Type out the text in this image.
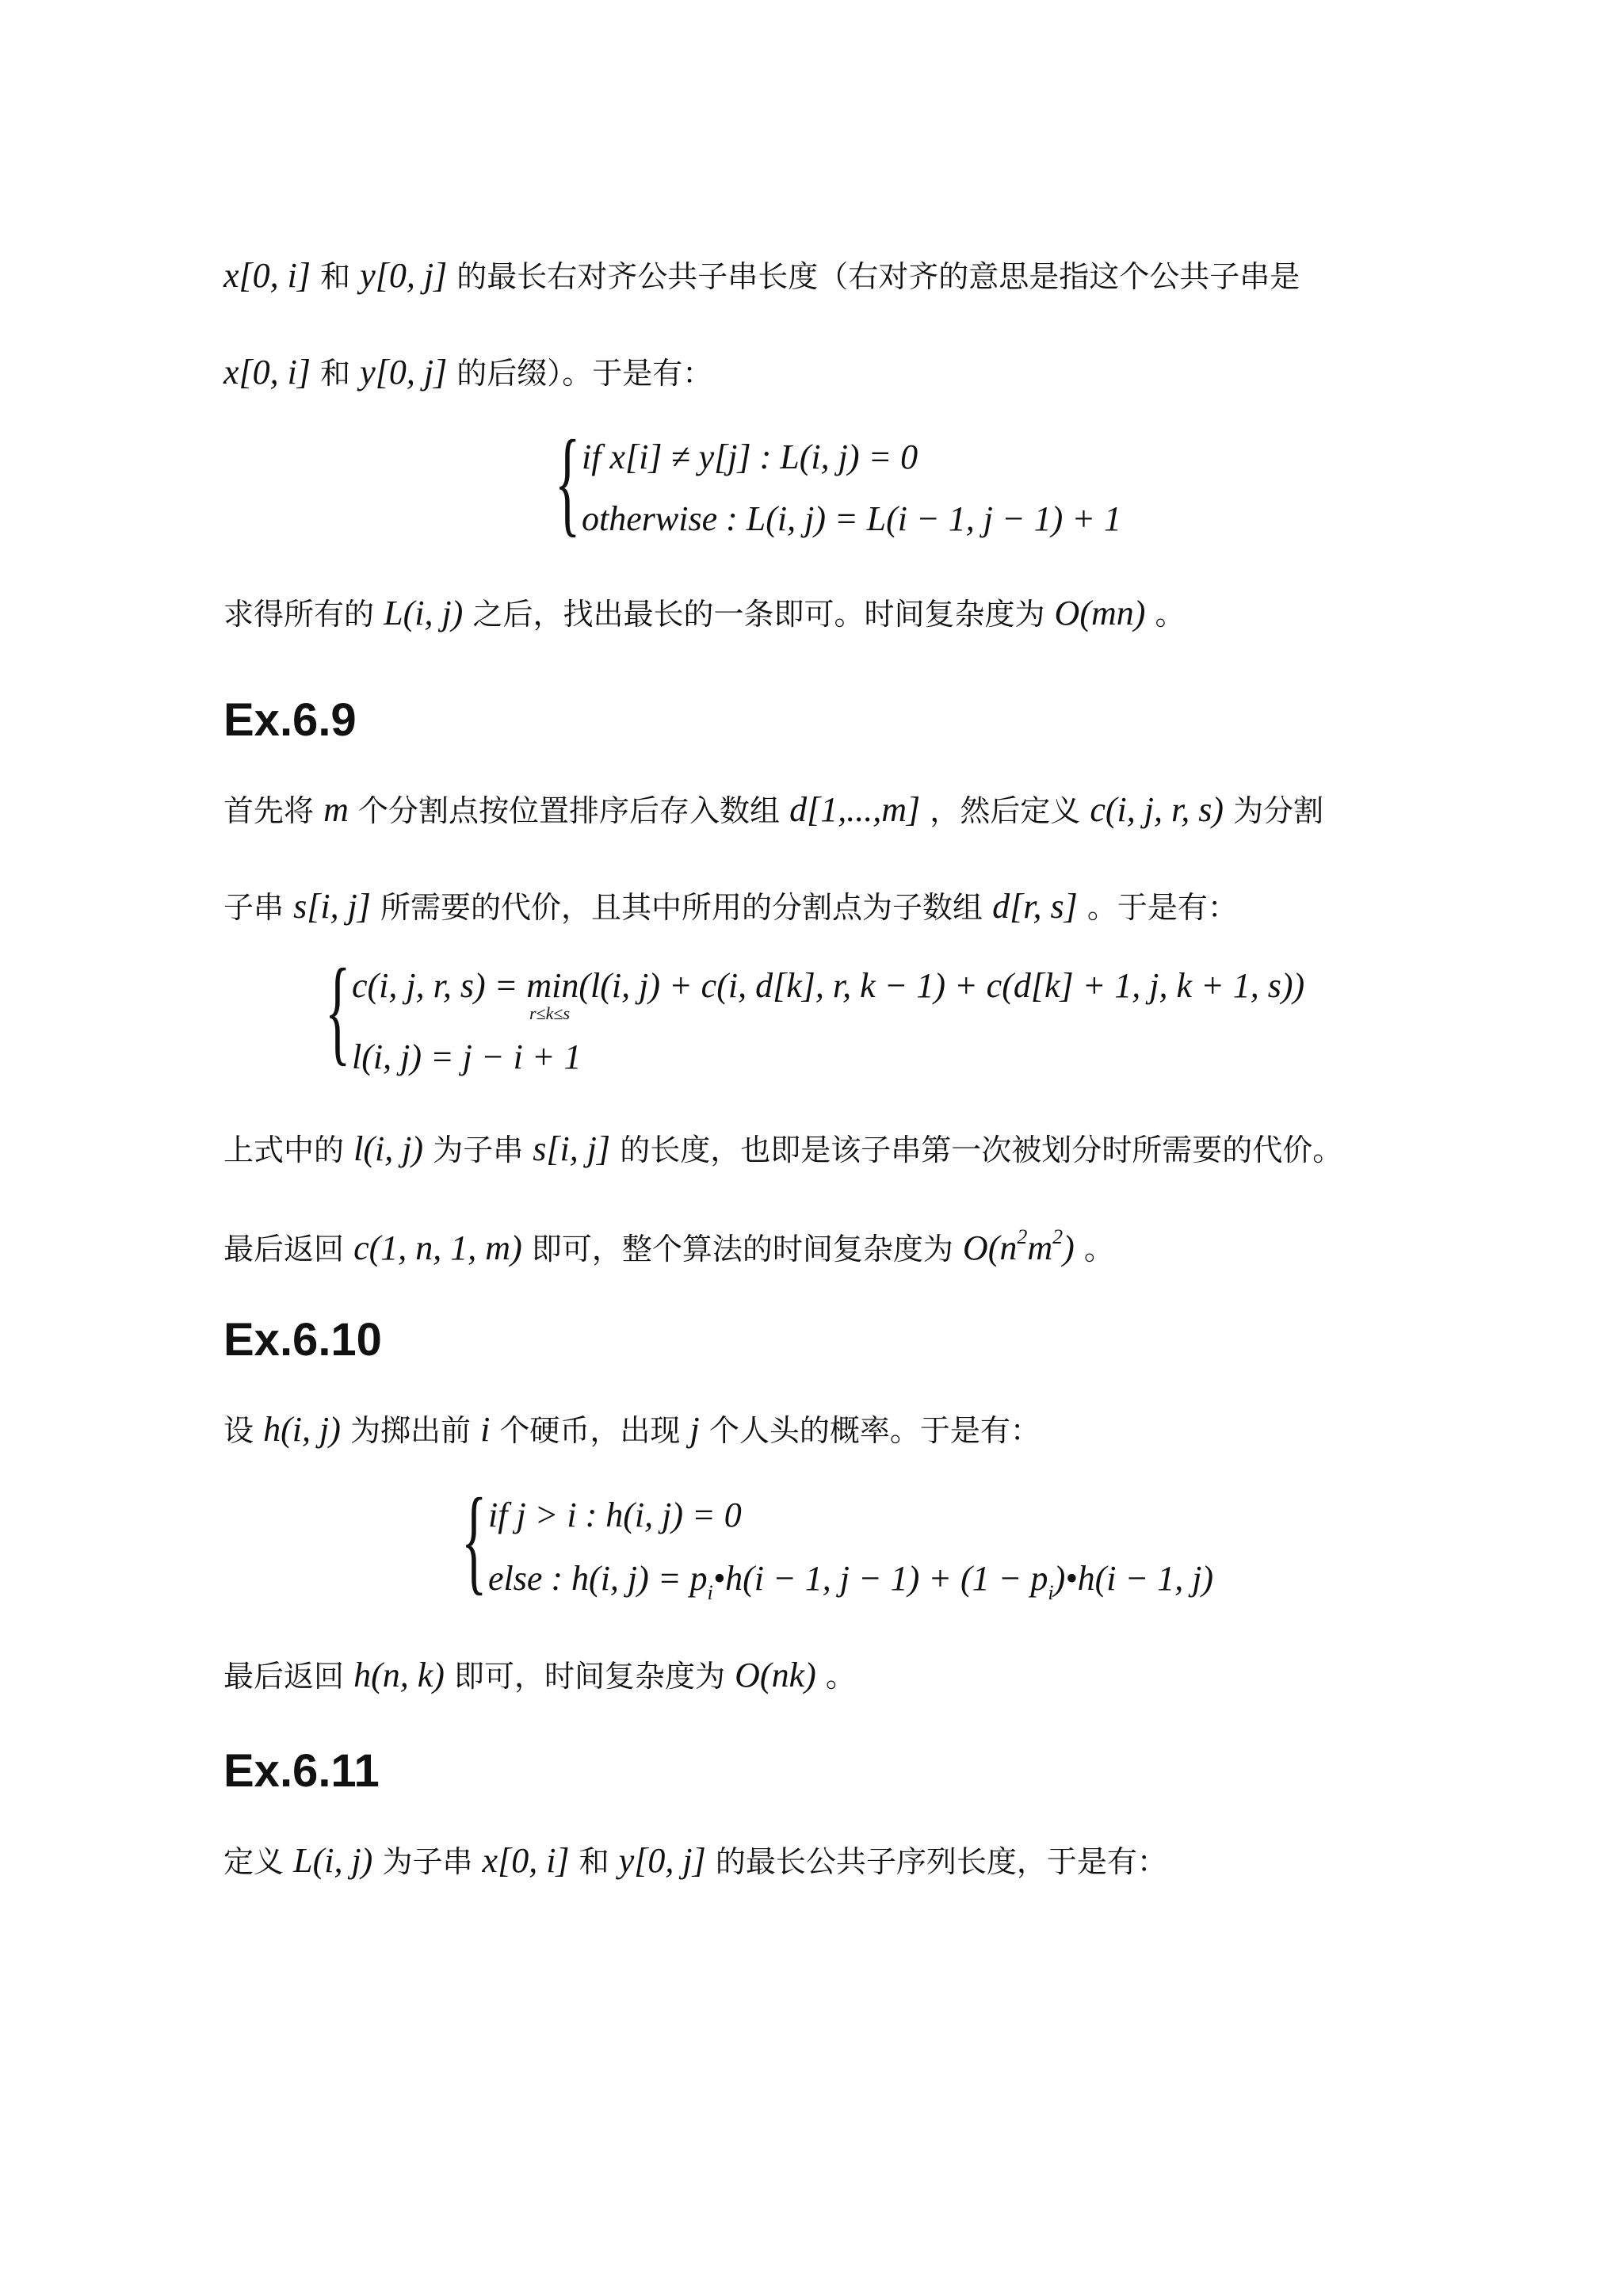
x[0, i] 和 y[0, j] 的最长右对齐公共子串长度（右对齐的意思是指这个公共子串是
x[0, i] 和 y[0, j] 的后缀）。于是有：
{ if x[i] ≠ y[j] : L(i, j) = 0
otherwise : L(i, j) = L(i − 1, j − 1) + 1
求得所有的 L(i, j) 之后，找出最长的一条即可。时间复杂度为 O(mn) 。
Ex.6.9
首先将 m 个分割点按位置排序后存入数组 d[1,...,m] ，然后定义 c(i, j, r, s) 为分割
子串 s[i, j] 所需要的代价，且其中所用的分割点为子数组 d[r, s] 。于是有：
{ c(i, j, r, s) = min(l(i, j) + c(i, d[k], r, k − 1) + c(d[k] + 1, j, k + 1, s))
r≤k≤s
l(i, j) = j − i + 1
上式中的 l(i, j) 为子串 s[i, j] 的长度，也即是该子串第一次被划分时所需要的代价。
最后返回 c(1, n, 1, m) 即可，整个算法的时间复杂度为 $O(n^2m^2)$ 。
Ex.6.10
设 h(i, j) 为掷出前 i 个硬币，出现 j 个人头的概率。于是有：
{ if j > i : h(i, j) = 0
else : h(i, $j) = p_i•h(i - 1$, $j - 1) + (1 - p_i)•h(i - 1$, j)
最后返回 h(n, k) 即可，时间复杂度为 O(nk) 。
Ex.6.11
定义 L(i, j) 为子串 x[0, i] 和 y[0, j] 的最长公共子序列长度，于是有：
